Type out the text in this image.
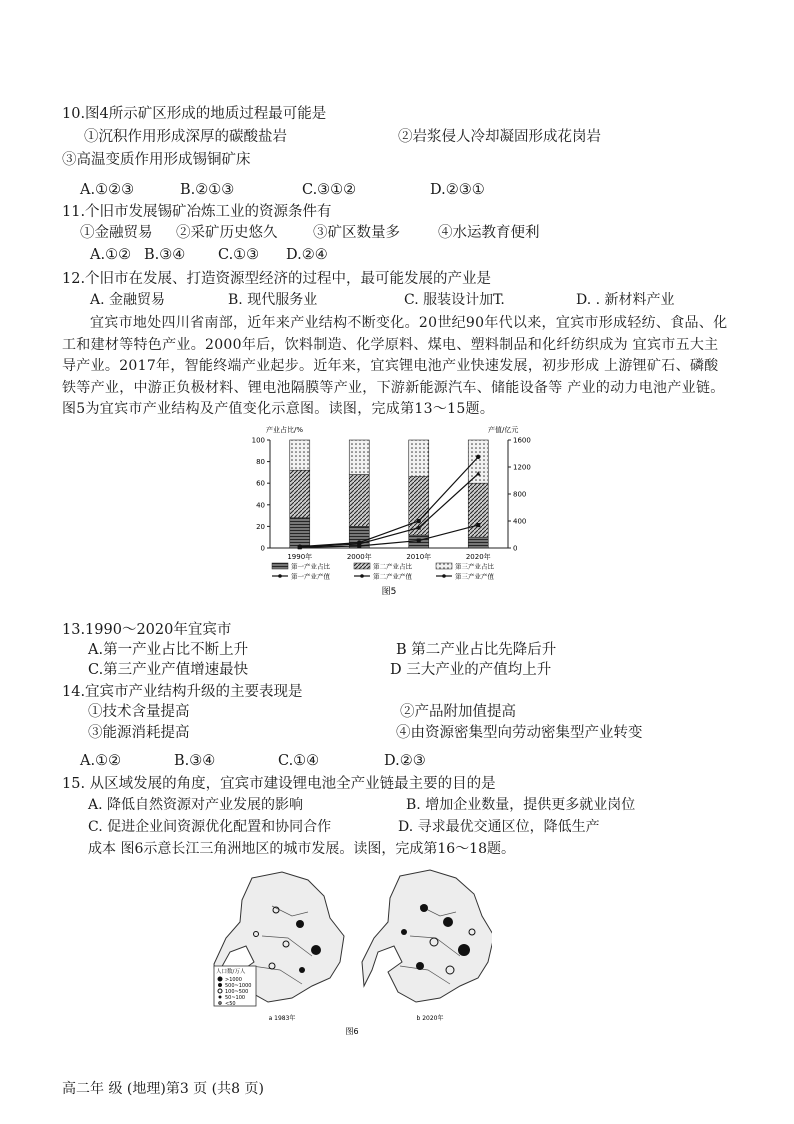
10.图4所示矿区形成的地质过程最可能是
①沉积作用形成深厚的碳酸盐岩	②岩浆侵人冷却凝固形成花岗岩
③高温变质作用形成锡铜矿床
A.①②③	B.②①③	C.③①②	D.②③①
11.个旧市发展锡矿冶炼工业的资源条件有
①金融贸易 ②采矿历史悠久 ③矿区数量多	④水运教育便利
A.①② B.③④ C.①③ D.②④
12.个旧市在发展、打造资源型经济的过程中，最可能发展的产业是
A. 金融贸易	B. 现代服务业	C. 服装设计加T.	D. . 新材料产业
宜宾市地处四川省南部，近年来产业结构不断变化。20世纪90年代以来，宜宾市形成轻纺、食品、化工和建材等特色产业。2000年后，饮料制造、化学原料、煤电、塑料制品和化纤纺织成为 宜宾市五大主导产业。2017年，智能终端产业起步。近年来，宜宾锂电池产业快速发展，初步形成 上游锂矿石、磷酸铁等产业，中游正负极材料、锂电池隔膜等产业，下游新能源汽车、储能设备等 产业的动力电池产业链。图5为宜宾市产业结构及产值变化示意图。读图，完成第13～15题。
产业占比/%	产值/亿元
0
20
40
60
80
100
0
400
800
1200
1600
1990年	2000年	2010年	2020年
第一产业占比	第二产业占比	第三产业占比
第一产业产值	第二产业产值	第三产业产值
图5
13.1990～2020年宜宾市
A.第一产业占比不断上升	B 第二产业占比先降后升
C.第三产业产值增速最快	D 三大产业的产值均上升
14.宜宾市产业结构升级的主要表现是
①技术含量提高	②产品附加值提高
③能源消耗提高	④由资源密集型向劳动密集型产业转变
A.①②	B.③④	C.①④	D.②③
15. 从区域发展的角度，宜宾市建设锂电池全产业链最主要的目的是
A. 降低自然资源对产业发展的影响	B. 增加企业数量，提供更多就业岗位
C. 促进企业间资源优化配置和协同合作	D. 寻求最优交通区位，降低生产
成本 图6示意长江三角洲地区的城市发展。读图，完成第16～18题。
人口数/万人
>1000
500~1000
100~500
50~100
<50
a 1983年	b 2020年
图6
高二年 级 (地理)第3 页 (共8 页)
